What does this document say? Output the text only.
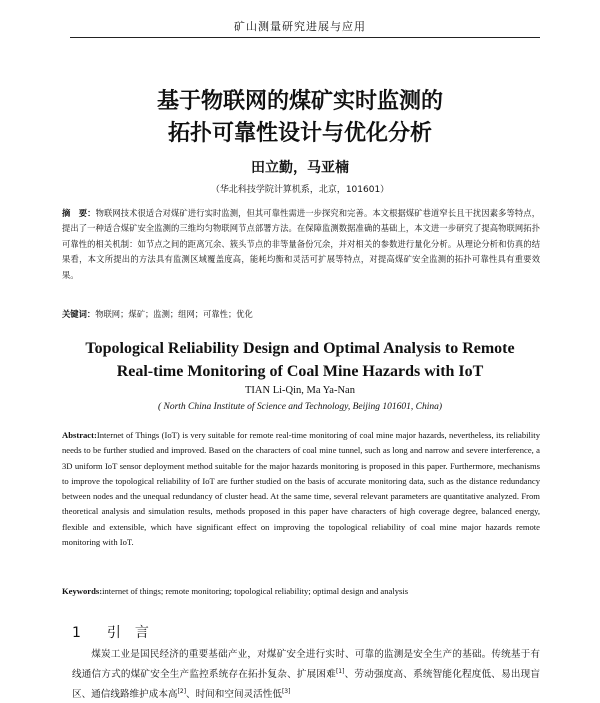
矿山测量研究进展与应用
基于物联网的煤矿实时监测的
拓扑可靠性设计与优化分析
田立勤，马亚楠
（华北科技学院计算机系，北京，101601）
摘　要：物联网技术很适合对煤矿进行实时监测，但其可靠性需进一步探究和完善。本文根据煤矿巷道窄长且干扰因素多等特点，提出了一种适合煤矿安全监测的三维均匀物联网节点部署方法。在保障监测数据准确的基础上，本文进一步研究了提高物联网拓扑可靠性的相关机制：如节点之间的距离冗余、簇头节点的非等量备份冗余，并对相关的参数进行量化分析。从理论分析和仿真的结果看，本文所提出的方法具有监测区域覆盖度高，能耗均衡和灵活可扩展等特点，对提高煤矿安全监测的拓扑可靠性具有重要效果。
关键词：物联网；煤矿；监测；组网；可靠性；优化
Topological Reliability Design and Optimal Analysis to Remote
Real-time Monitoring of Coal Mine Hazards with IoT
TIAN Li-Qin, Ma Ya-Nan
( North China Institute of Science and Technology, Beijing 101601, China)
Abstract:Internet of Things (IoT) is very suitable for remote real-time monitoring of coal mine major hazards, nevertheless, its reliability needs to be further studied and improved. Based on the characters of coal mine tunnel, such as long and narrow and severe interference, a 3D uniform IoT sensor deployment method suitable for the major hazards monitoring is proposed in this paper. Furthermore, mechanisms to improve the topological reliability of IoT are further studied on the basis of accurate monitoring data, such as the distance redundancy between nodes and the unequal redundancy of cluster head. At the same time, several relevant parameters are quantitative analyzed. From theoretical analysis and simulation results, methods proposed in this paper have characters of high coverage degree, balanced energy, flexible and extensible, which have significant effect on improving the topological reliability of coal mine major hazards remote monitoring with IoT.
Keywords:internet of things; remote monitoring; topological reliability; optimal design and analysis
1 引　言
煤炭工业是国民经济的重要基础产业，对煤矿安全进行实时、可靠的监测是安全生产的基础。传统基于有线通信方式的煤矿安全生产监控系统存在拓扑复杂、扩展困难[1]、劳动强度高、系统智能化程度低、易出现盲区、通信线路维护成本高[2]、时间和空间灵活性低[3]
